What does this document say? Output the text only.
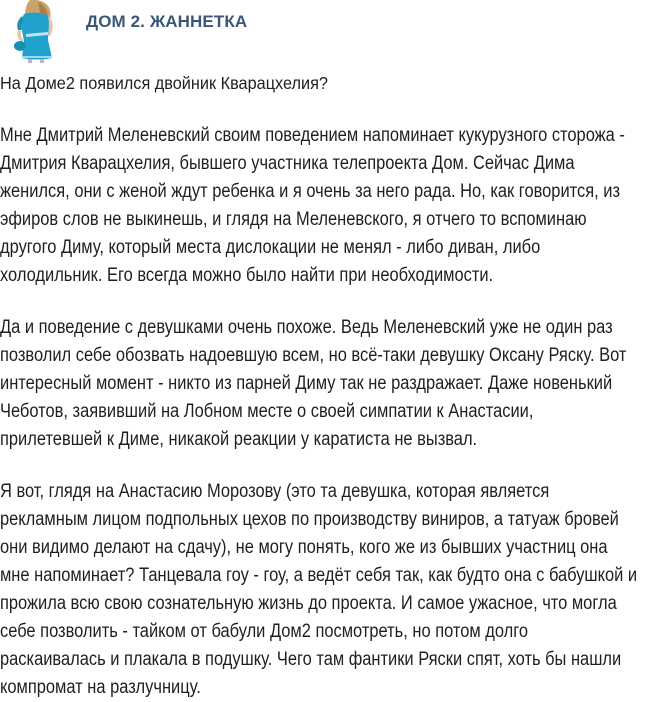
ДОМ 2. ЖАННЕТКА
На Доме2 появился двойник Кварацхелия?

Мне Дмитрий Меленевский своим поведением напоминает кукурузного сторожа -
Дмитрия Кварацхелия, бывшего участника телепроекта Дом. Сейчас Дима
женился, они с женой ждут ребенка и я очень за него рада. Но, как говорится, из
эфиров слов не выкинешь, и глядя на Меленевского, я отчего то вспоминаю
другого Диму, который места дислокации не менял - либо диван, либо
холодильник. Его всегда можно было найти при необходимости.

Да и поведение с девушками очень похоже. Ведь Меленевский уже не один раз
позволил себе обозвать надоевшую всем, но всё-таки девушку Оксану Ряску. Вот
интересный момент - никто из парней Диму так не раздражает. Даже новенький
Чеботов, заявивший на Лобном месте о своей симпатии к Анастасии,
прилетевшей к Диме, никакой реакции у каратиста не вызвал.

Я вот, глядя на Анастасию Морозову (это та девушка, которая является
рекламным лицом подпольных цехов по производству виниров, а татуаж бровей
они видимо делают на сдачу), не могу понять, кого же из бывших участниц она
мне напоминает? Танцевала гоу - гоу, а ведёт себя так, как будто она с бабушкой и
прожила всю свою сознательную жизнь до проекта. И самое ужасное, что могла
себе позволить - тайком от бабули Дом2 посмотреть, но потом долго
раскаивалась и плакала в подушку. Чего там фантики Ряски спят, хоть бы нашли
компромат на разлучницу.
